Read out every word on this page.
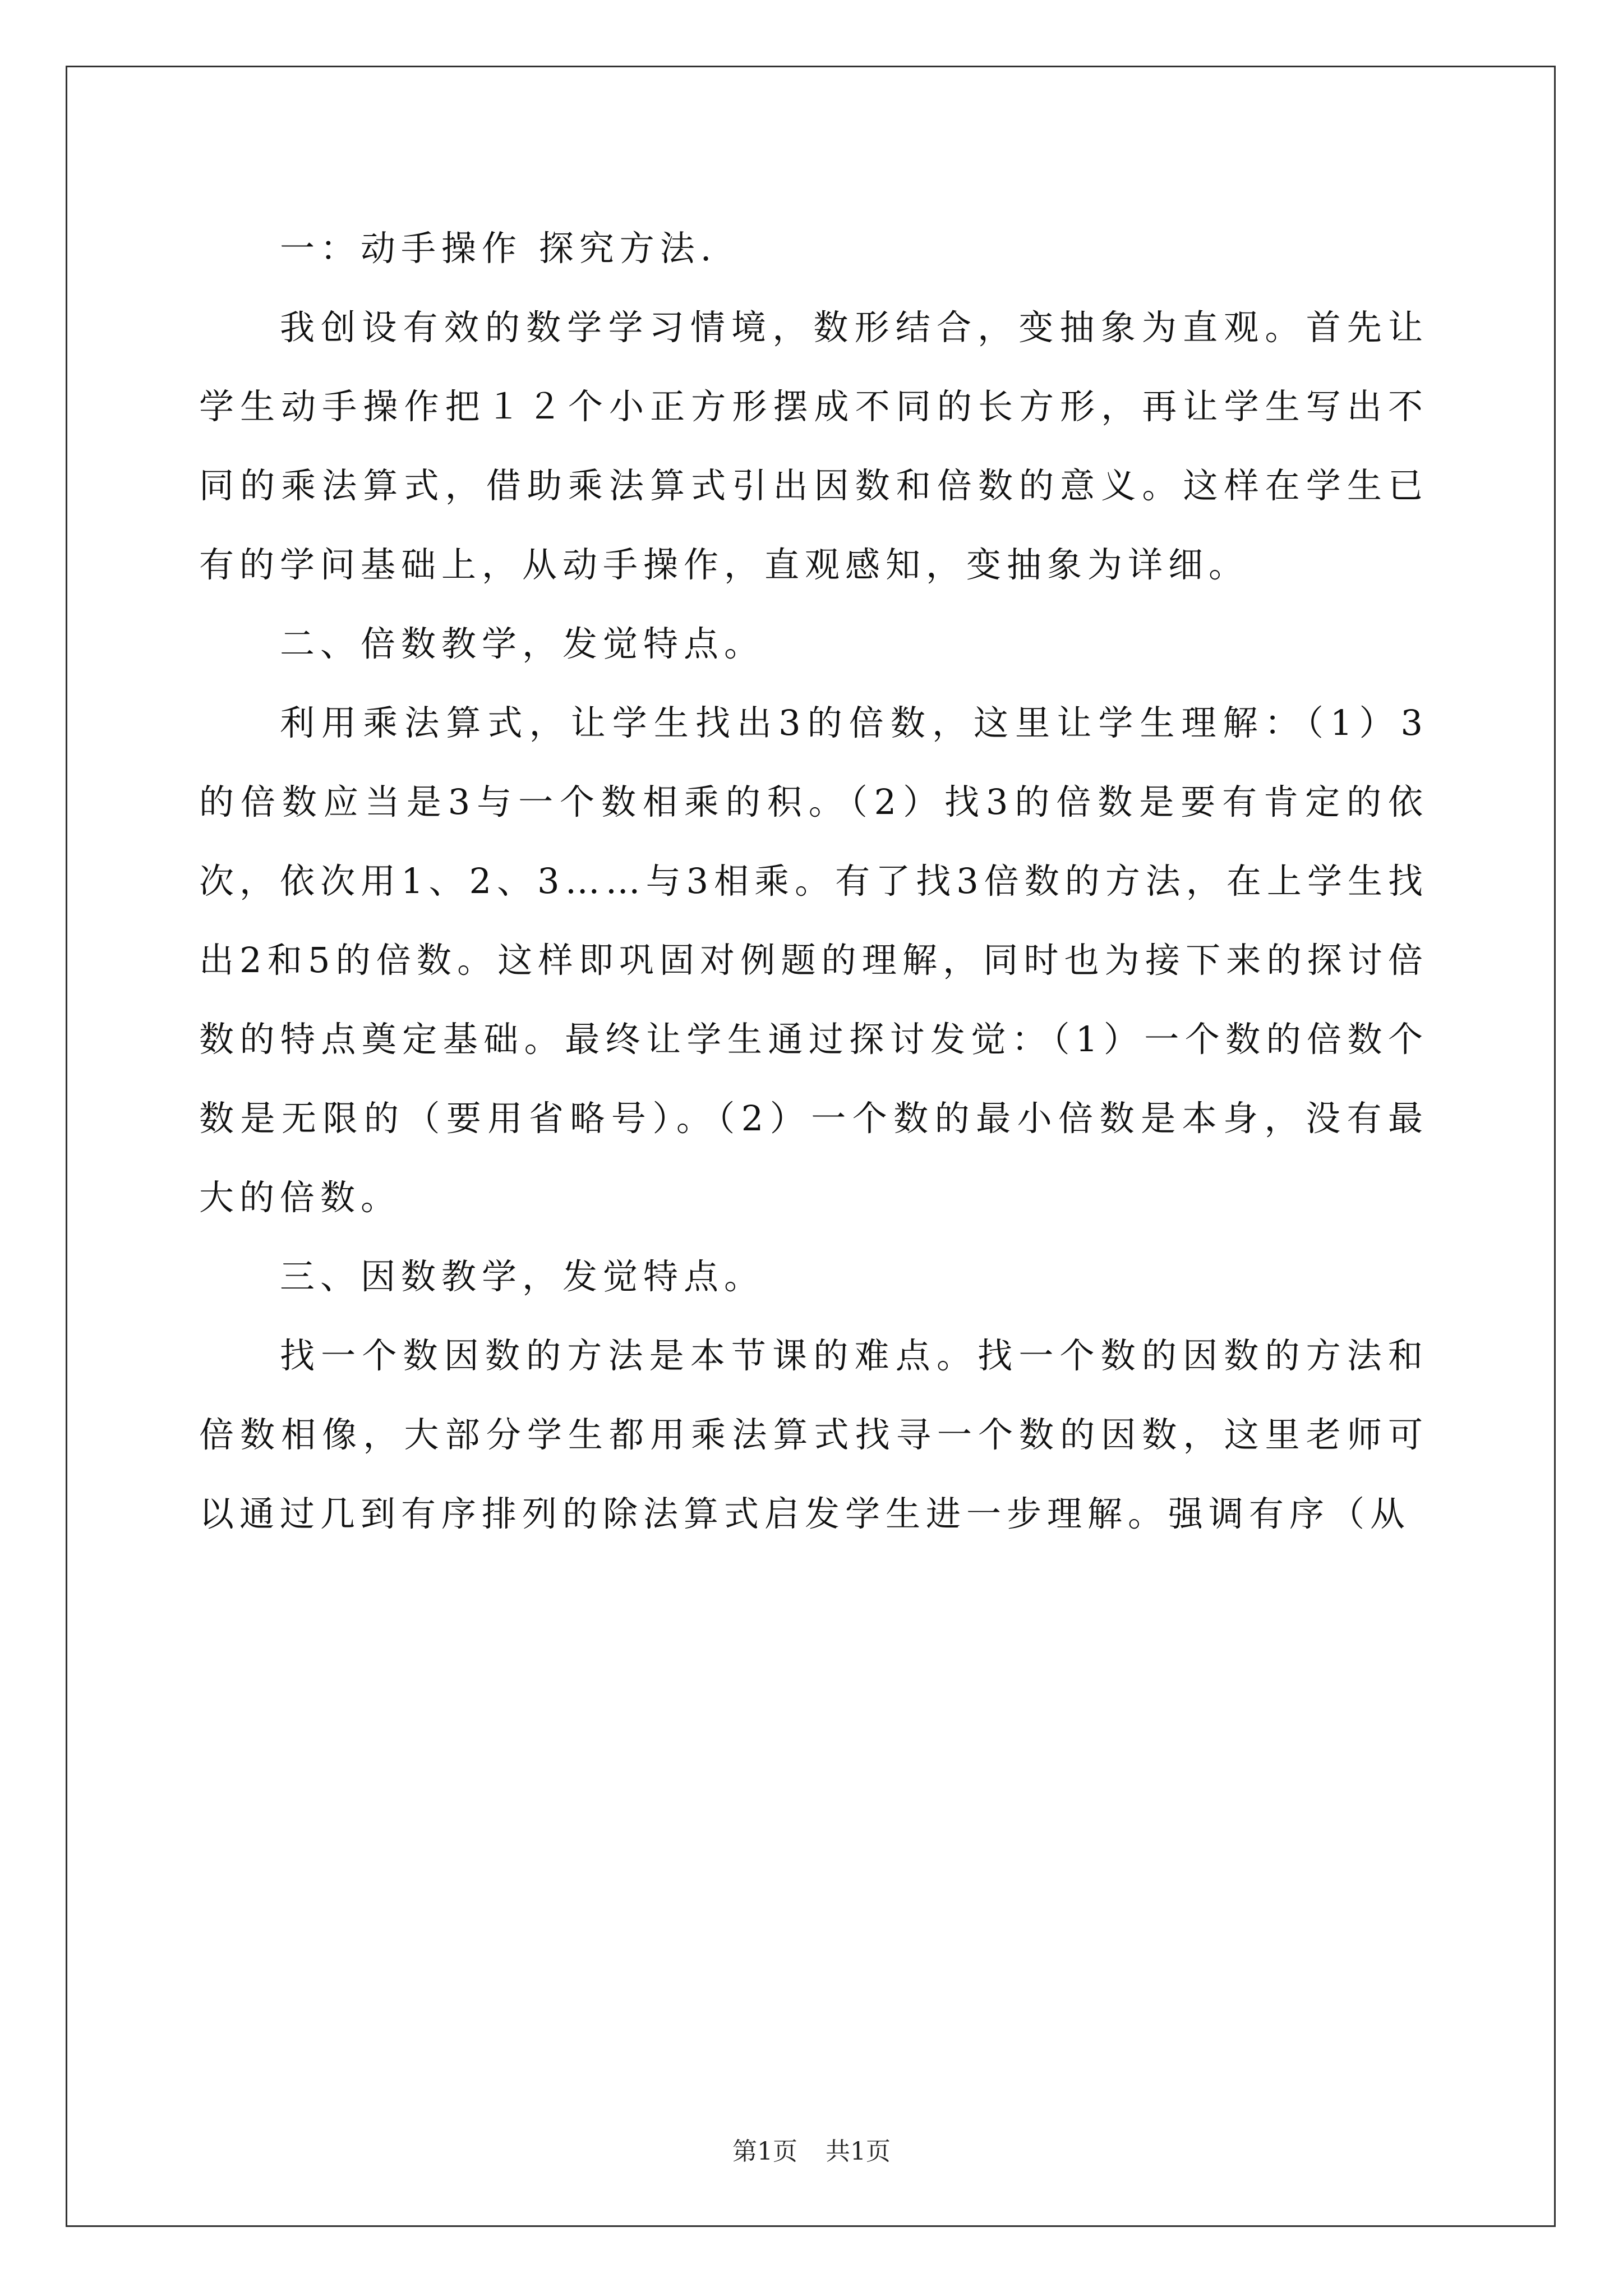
一：动手操作 探究方法.

我创设有效的数学学习情境，数形结合，变抽象为直观。首先让学生动手操作把１２个小正方形摆成不同的长方形，再让学生写出不同的乘法算式，借助乘法算式引出因数和倍数的意义。这样在学生已有的学问基础上，从动手操作，直观感知，变抽象为详细。

二、倍数教学，发觉特点。

利用乘法算式，让学生找出3的倍数，这里让学生理解：（1）3的倍数应当是3与一个数相乘的积。（2）找3的倍数是要有肯定的依次，依次用1、2、3……与3相乘。有了找3倍数的方法，在上学生找出2和5的倍数。这样即巩固对例题的理解，同时也为接下来的探讨倍数的特点奠定基础。最终让学生通过探讨发觉：（1）一个数的倍数个数是无限的（要用省略号）。（2）一个数的最小倍数是本身，没有最大的倍数。

三、因数教学，发觉特点。

找一个数因数的方法是本节课的难点。找一个数的因数的方法和倍数相像，大部分学生都用乘法算式找寻一个数的因数，这里老师可以通过几到有序排列的除法算式启发学生进一步理解。强调有序（从

第1页 共1页
